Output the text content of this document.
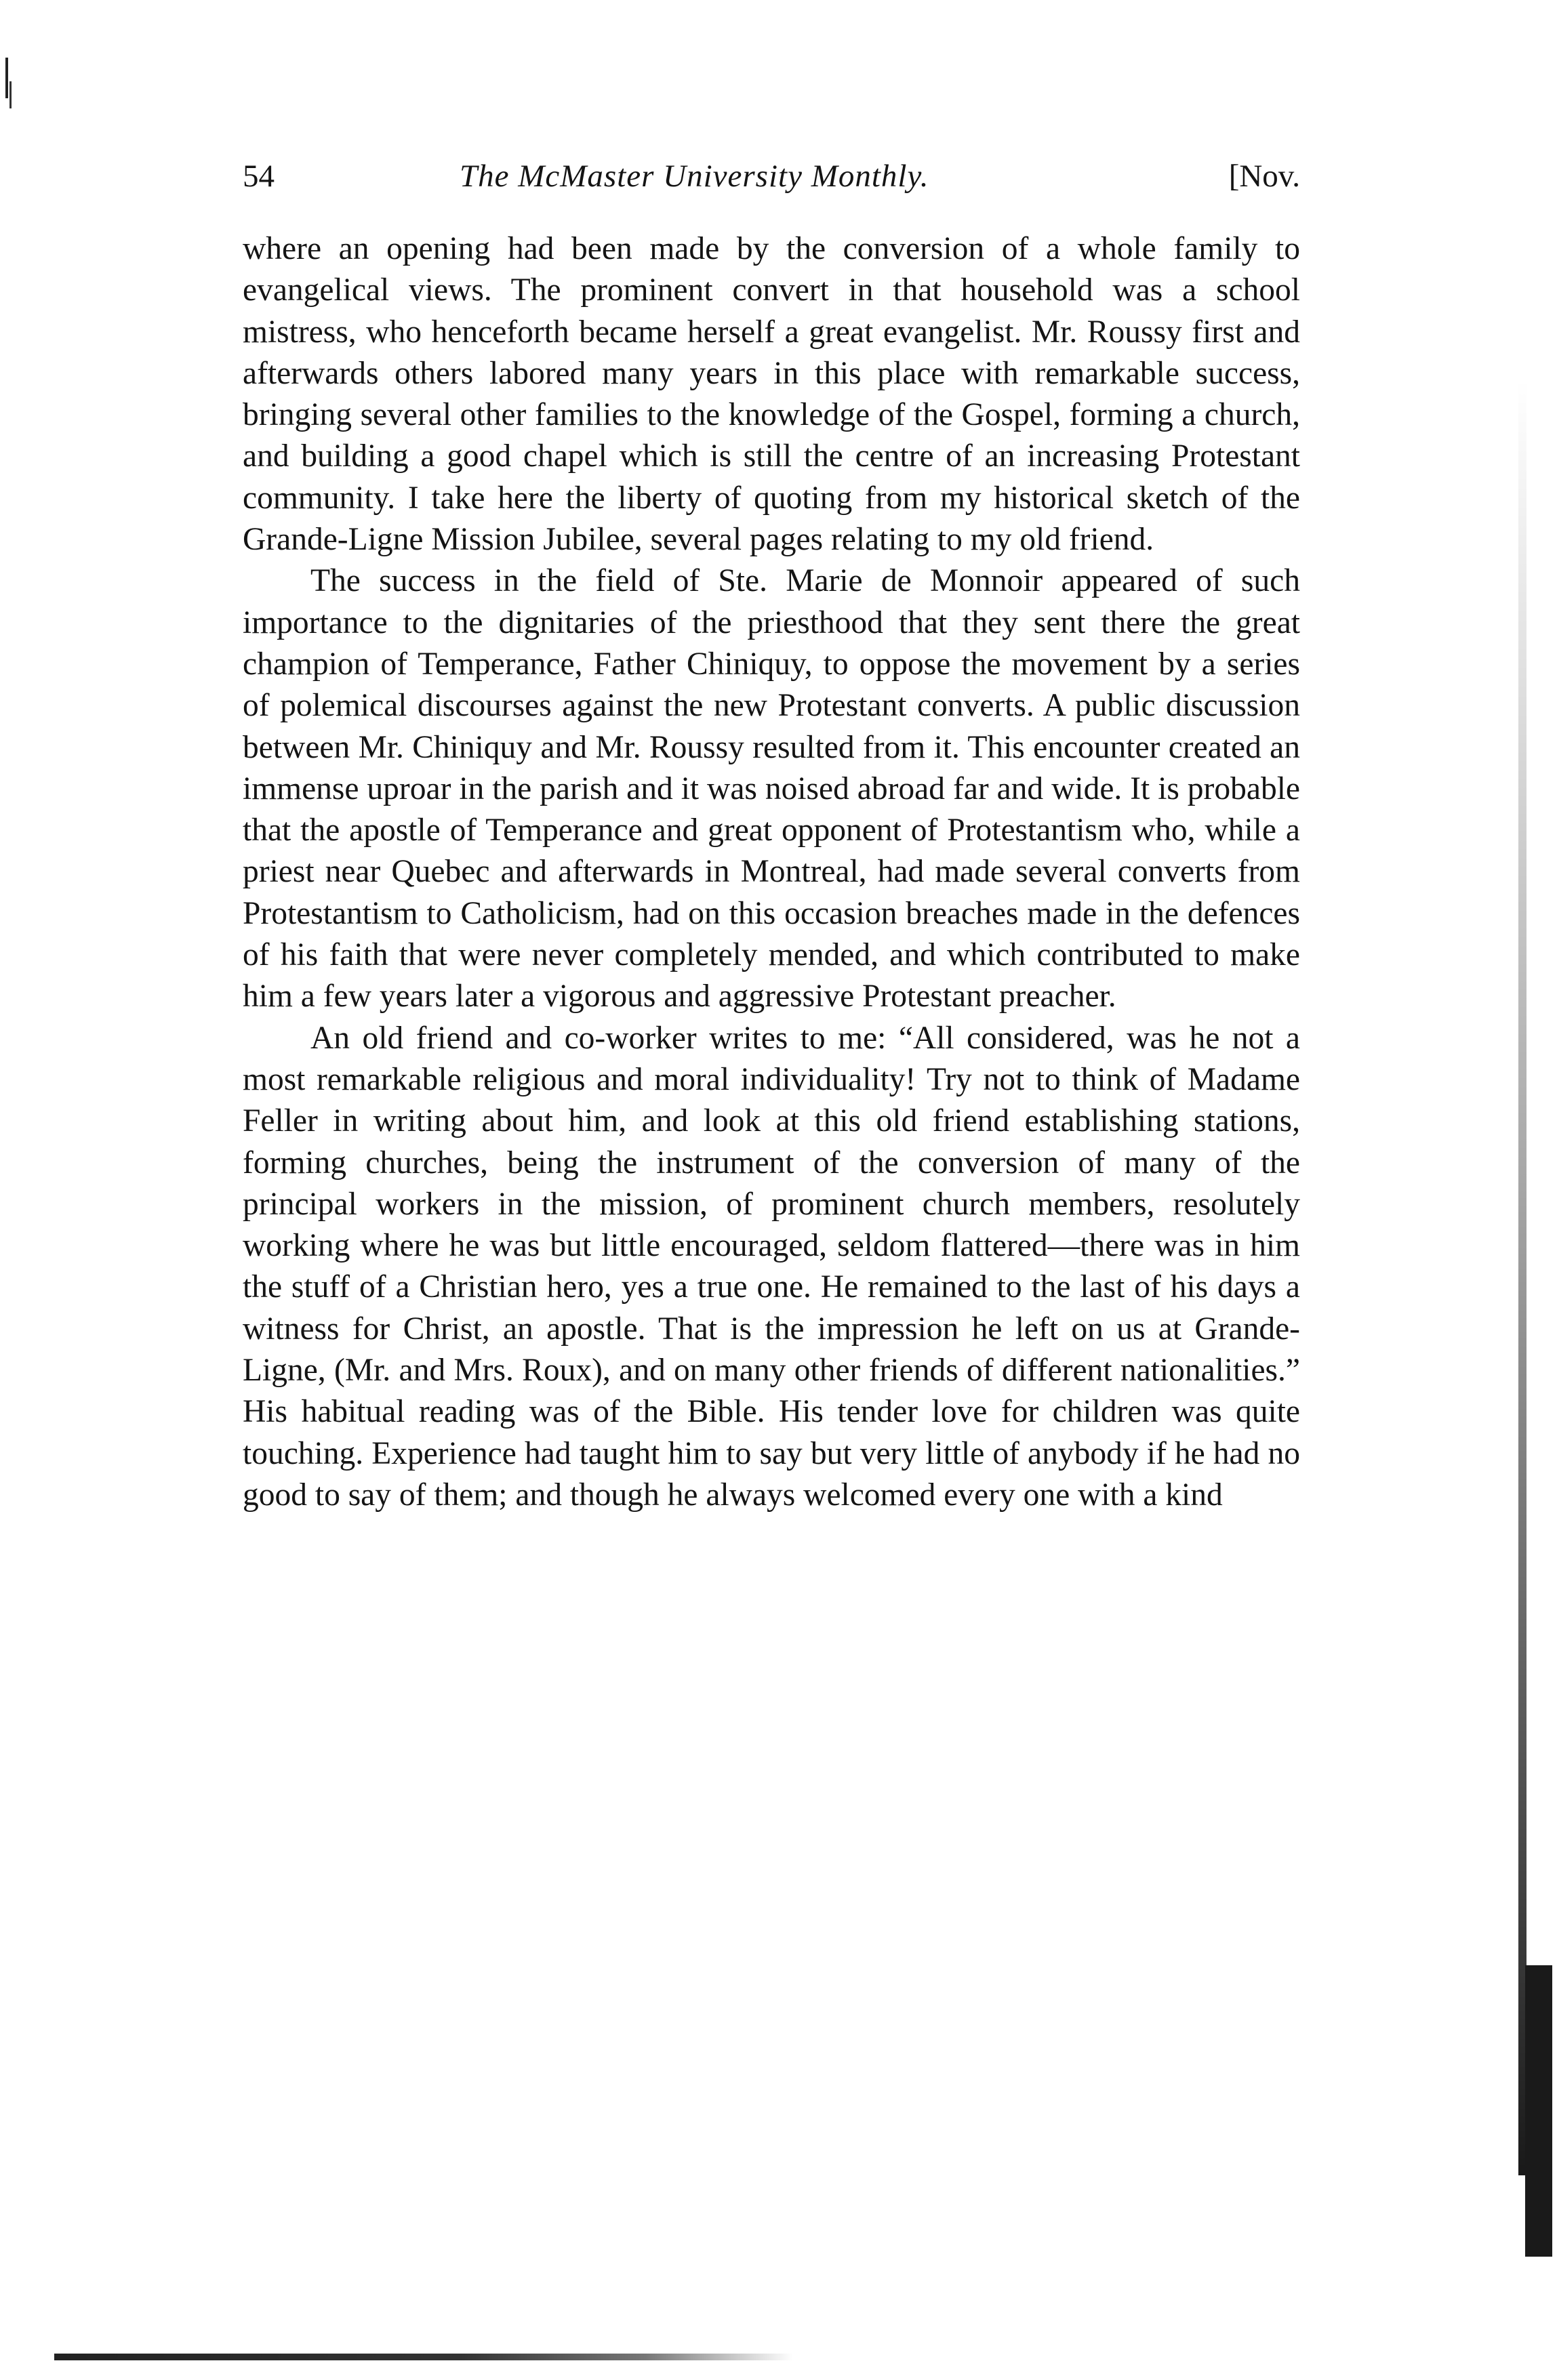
54	The McMaster University Monthly.	[Nov.

where an opening had been made by the conversion of a whole family to evangelical views. The prominent convert in that household was a school mistress, who henceforth became herself a great evangelist. Mr. Roussy first and afterwards others labored many years in this place with remarkable success, bringing several other families to the knowledge of the Gospel, forming a church, and building a good chapel which is still the centre of an increasing Protestant community. I take here the liberty of quoting from my historical sketch of the Grande-Ligne Mission Jubilee, several pages relating to my old friend.

The success in the field of Ste. Marie de Monnoir appeared of such importance to the dignitaries of the priesthood that they sent there the great champion of Temperance, Father Chiniquy, to oppose the movement by a series of polemical discourses against the new Protestant converts. A public discussion between Mr. Chiniquy and Mr. Roussy resulted from it. This encounter created an immense uproar in the parish and it was noised abroad far and wide. It is probable that the apostle of Temperance and great opponent of Protestantism who, while a priest near Quebec and afterwards in Montreal, had made several converts from Protestantism to Catholicism, had on this occasion breaches made in the defences of his faith that were never completely mended, and which contributed to make him a few years later a vigorous and aggressive Protestant preacher.

An old friend and co-worker writes to me: “All considered, was he not a most remarkable religious and moral individuality! Try not to think of Madame Feller in writing about him, and look at this old friend establishing stations, forming churches, being the instrument of the conversion of many of the principal workers in the mission, of prominent church members, resolutely working where he was but little encouraged, seldom flattered—there was in him the stuff of a Christian hero, yes a true one. He remained to the last of his days a witness for Christ, an apostle. That is the impression he left on us at Grande-Ligne, (Mr. and Mrs. Roux), and on many other friends of different nationalities.” His habitual reading was of the Bible. His tender love for children was quite touching. Experience had taught him to say but very little of anybody if he had no good to say of them; and though he always welcomed every one with a kind
